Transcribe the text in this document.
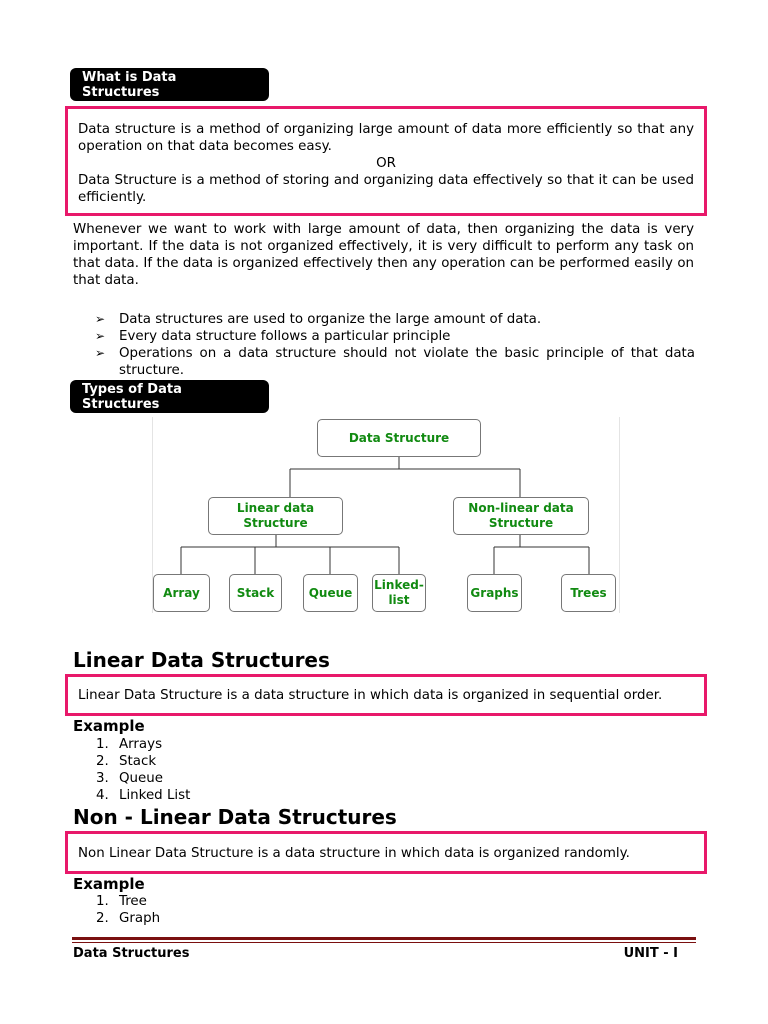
What is Data Structures
Data structure is a method of organizing large amount of data more efficiently so that any operation on that data becomes easy.
OR
Data Structure is a method of storing and organizing data effectively so that it can be used efficiently.
Whenever we want to work with large amount of data, then organizing the data is very important. If the data is not organized effectively, it is very difficult to perform any task on that data. If the data is organized effectively then any operation can be performed easily on that data.
➢ Data structures are used to organize the large amount of data.
➢ Every data structure follows a particular principle
➢ Operations on a data structure should not violate the basic principle of that data structure.
Types of Data Structures
Data Structure
Linear data Structure
Non-linear data Structure
Array	Stack	Queue
Linked-list
Graphs	Trees
Linear Data Structures
Linear Data Structure is a data structure in which data is organized in sequential order.
Example
1. Arrays
2. Stack
3. Queue
4. Linked List
Non - Linear Data Structures
Non Linear Data Structure is a data structure in which data is organized randomly.
Example
1. Tree
2. Graph
Data Structures	UNIT - I
